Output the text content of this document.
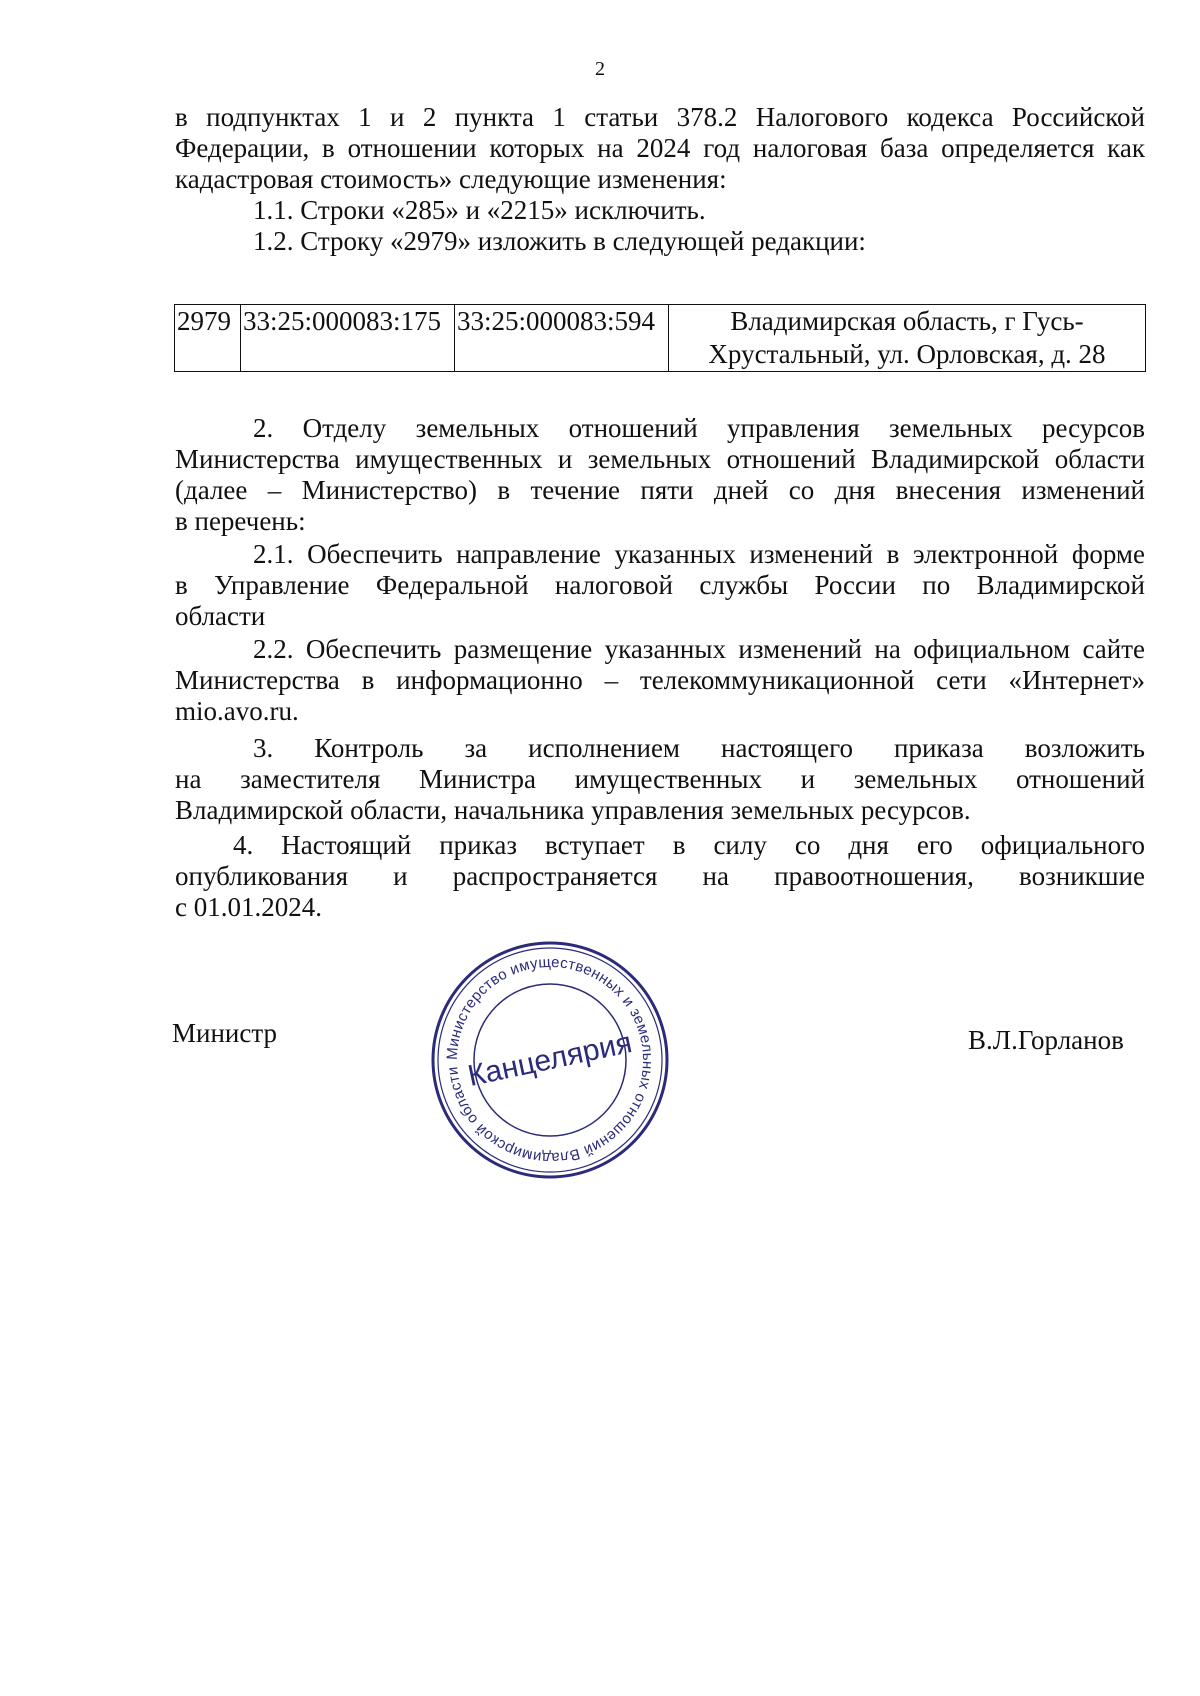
2
в подпунктах 1 и 2 пункта 1 статьи 378.2 Налогового кодекса Российской
Федерации, в отношении которых на 2024 год налоговая база определяется как
кадастровая стоимость» следующие изменения:
1.1. Строки «285» и «2215» исключить.
1.2. Строку «2979» изложить в следующей редакции:
2979	33:25:000083:175	33:25:000083:594	Владимирская область, г Гусь-
Хрустальный, ул. Орловская, д. 28
2. Отделу земельных отношений управления земельных ресурсов
Министерства имущественных и земельных отношений Владимирской области
(далее – Министерство) в течение пяти дней со дня внесения изменений
в перечень:
2.1. Обеспечить направление указанных изменений в электронной форме
в Управление Федеральной налоговой службы России по Владимирской
области
2.2. Обеспечить размещение указанных изменений на официальном сайте
Министерства в информационно – телекоммуникационной сети «Интернет»
mio.avo.ru.
3. Контроль за исполнением настоящего приказа возложить
на заместителя Министра имущественных и земельных отношений
Владимирской области, начальника управления земельных ресурсов.
4. Настоящий приказ вступает в силу со дня его официального
опубликования и распространяется на правоотношения, возникшие
с 01.01.2024.
Министр	В.Л.Горланов
Министерство имущественных и земельных отношений Владимирской области Канцелярия
